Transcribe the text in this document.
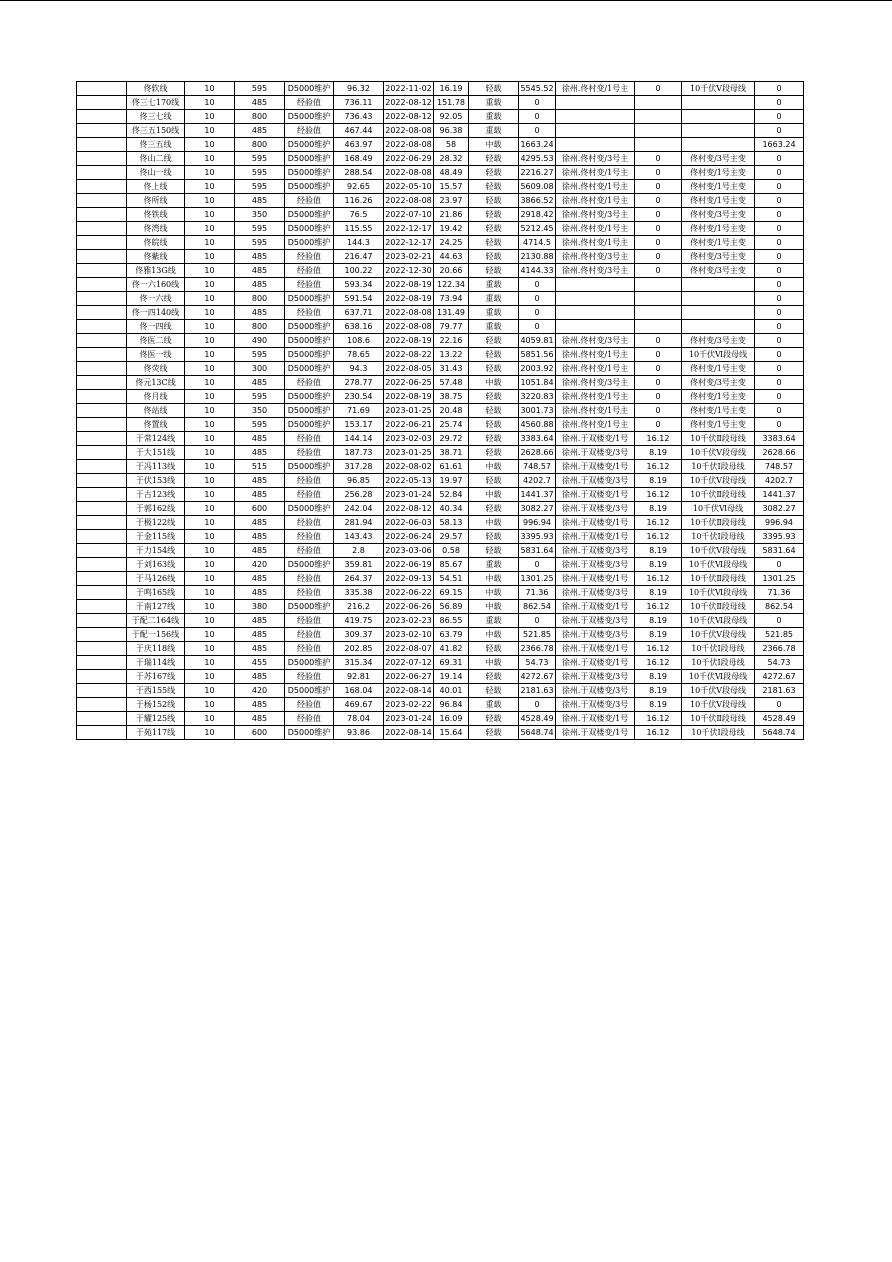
	佟软线	10	595	D5000维护	96.32	2022-11-02	16.19	轻载	5545.52	徐州.佟村变/1号主	0	10千伏Ⅴ段母线	0
	佟三七170线	10	485	经验值	736.11	2022-08-12	151.78	重载	0				0
	佟三七线	10	800	D5000维护	736.43	2022-08-12	92.05	重载	0				0
	佟三五150线	10	485	经验值	467.44	2022-08-08	96.38	重载	0				0
	佟三五线	10	800	D5000维护	463.97	2022-08-08	58	中载	1663.24				1663.24
	佟山二线	10	595	D5000维护	168.49	2022-06-29	28.32	轻载	4295.53	徐州.佟村变/3号主	0	佟村变/3号主变	0
	佟山一线	10	595	D5000维护	288.54	2022-08-08	48.49	轻载	2216.27	徐州.佟村变/1号主	0	佟村变/1号主变	0
	佟上线	10	595	D5000维护	92.65	2022-05-10	15.57	轻载	5609.08	徐州.佟村变/1号主	0	佟村变/1号主变	0
	佟所线	10	485	经验值	116.26	2022-08-08	23.97	轻载	3866.52	徐州.佟村变/1号主	0	佟村变/1号主变	0
	佟铁线	10	350	D5000维护	76.5	2022-07-10	21.86	轻载	2918.42	徐州.佟村变/3号主	0	佟村变/3号主变	0
	佟湾线	10	595	D5000维护	115.55	2022-12-17	19.42	轻载	5212.45	徐州.佟村变/1号主	0	佟村变/1号主变	0
	佟皖线	10	595	D5000维护	144.3	2022-12-17	24.25	轻载	4714.5	徐州.佟村变/1号主	0	佟村变/1号主变	0
	佟紫线	10	485	经验值	216.47	2023-02-21	44.63	轻载	2130.88	徐州.佟村变/3号主	0	佟村变/3号主变	0
	佟雅13G线	10	485	经验值	100.22	2022-12-30	20.66	轻载	4144.33	徐州.佟村变/3号主	0	佟村变/3号主变	0
	佟一六160线	10	485	经验值	593.34	2022-08-19	122.34	重载	0				0
	佟一六线	10	800	D5000维护	591.54	2022-08-19	73.94	重载	0				0
	佟一四140线	10	485	经验值	637.71	2022-08-08	131.49	重载	0				0
	佟一四线	10	800	D5000维护	638.16	2022-08-08	79.77	重载	0				0
	佟医二线	10	490	D5000维护	108.6	2022-08-19	22.16	轻载	4059.81	徐州.佟村变/3号主	0	佟村变/3号主变	0
	佟医一线	10	595	D5000维护	78.65	2022-08-22	13.22	轻载	5851.56	徐州.佟村变/1号主	0	10千伏Ⅵ段母线	0
	佟荧线	10	300	D5000维护	94.3	2022-08-05	31.43	轻载	2003.92	徐州.佟村变/1号主	0	佟村变/1号主变	0
	佟元13C线	10	485	经验值	278.77	2022-06-25	57.48	中载	1051.84	徐州.佟村变/3号主	0	佟村变/3号主变	0
	佟月线	10	595	D5000维护	230.54	2022-08-19	38.75	轻载	3220.83	徐州.佟村变/1号主	0	佟村变/1号主变	0
	佟站线	10	350	D5000维护	71.69	2023-01-25	20.48	轻载	3001.73	徐州.佟村变/1号主	0	佟村变/1号主变	0
	佟置线	10	595	D5000维护	153.17	2022-06-21	25.74	轻载	4560.88	徐州.佟村变/1号主	0	佟村变/1号主变	0
	于常124线	10	485	经验值	144.14	2023-02-03	29.72	轻载	3383.64	徐州.于双楼变/1号	16.12	10千伏Ⅱ段母线	3383.64
	于大151线	10	485	经验值	187.73	2023-01-25	38.71	轻载	2628.66	徐州.于双楼变/3号	8.19	10千伏Ⅴ段母线	2628.66
	于冯113线	10	515	D5000维护	317.28	2022-08-02	61.61	中载	748.57	徐州.于双楼变/1号	16.12	10千伏Ⅰ段母线	748.57
	于伏153线	10	485	经验值	96.85	2022-05-13	19.97	轻载	4202.7	徐州.于双楼变/3号	8.19	10千伏Ⅴ段母线	4202.7
	于古123线	10	485	经验值	256.28	2023-01-24	52.84	中载	1441.37	徐州.于双楼变/1号	16.12	10千伏Ⅱ段母线	1441.37
	于郭162线	10	600	D5000维护	242.04	2022-08-12	40.34	轻载	3082.27	徐州.于双楼变/3号	8.19	10千伏Ⅵ母线	3082.27
	于极122线	10	485	经验值	281.94	2022-06-03	58.13	中载	996.94	徐州.于双楼变/1号	16.12	10千伏Ⅱ段母线	996.94
	于金115线	10	485	经验值	143.43	2022-06-24	29.57	轻载	3395.93	徐州.于双楼变/1号	16.12	10千伏Ⅰ段母线	3395.93
	于力154线	10	485	经验值	2.8	2023-03-06	0.58	轻载	5831.64	徐州.于双楼变/3号	8.19	10千伏Ⅴ段母线	5831.64
	于刘163线	10	420	D5000维护	359.81	2022-06-19	85.67	重载	0	徐州.于双楼变/3号	8.19	10千伏Ⅵ段母线	0
	于马126线	10	485	经验值	264.37	2022-09-13	54.51	中载	1301.25	徐州.于双楼变/1号	16.12	10千伏Ⅱ段母线	1301.25
	于鸣165线	10	485	经验值	335.38	2022-06-22	69.15	中载	71.36	徐州.于双楼变/3号	8.19	10千伏Ⅵ段母线	71.36
	于南127线	10	380	D5000维护	216.2	2022-06-26	56.89	中载	862.54	徐州.于双楼变/1号	16.12	10千伏Ⅱ段母线	862.54
	于配二164线	10	485	经验值	419.75	2023-02-23	86.55	重载	0	徐州.于双楼变/3号	8.19	10千伏Ⅵ段母线	0
	于配一156线	10	485	经验值	309.37	2023-02-10	63.79	中载	521.85	徐州.于双楼变/3号	8.19	10千伏Ⅴ段母线	521.85
	于庆118线	10	485	经验值	202.85	2022-08-07	41.82	轻载	2366.78	徐州.于双楼变/1号	16.12	10千伏Ⅰ段母线	2366.78
	于瑞114线	10	455	D5000维护	315.34	2022-07-12	69.31	中载	54.73	徐州.于双楼变/1号	16.12	10千伏Ⅰ段母线	54.73
	于苏167线	10	485	经验值	92.81	2022-06-27	19.14	轻载	4272.67	徐州.于双楼变/3号	8.19	10千伏Ⅵ段母线	4272.67
	于西155线	10	420	D5000维护	168.04	2022-08-14	40.01	轻载	2181.63	徐州.于双楼变/3号	8.19	10千伏Ⅴ段母线	2181.63
	于杨152线	10	485	经验值	469.67	2023-02-22	96.84	重载	0	徐州.于双楼变/3号	8.19	10千伏Ⅴ段母线	0
	于耀125线	10	485	经验值	78.04	2023-01-24	16.09	轻载	4528.49	徐州.于双楼变/1号	16.12	10千伏Ⅱ段母线	4528.49
	于苑117线	10	600	D5000维护	93.86	2022-08-14	15.64	轻载	5648.74	徐州.于双楼变/1号	16.12	10千伏Ⅰ段母线	5648.74
